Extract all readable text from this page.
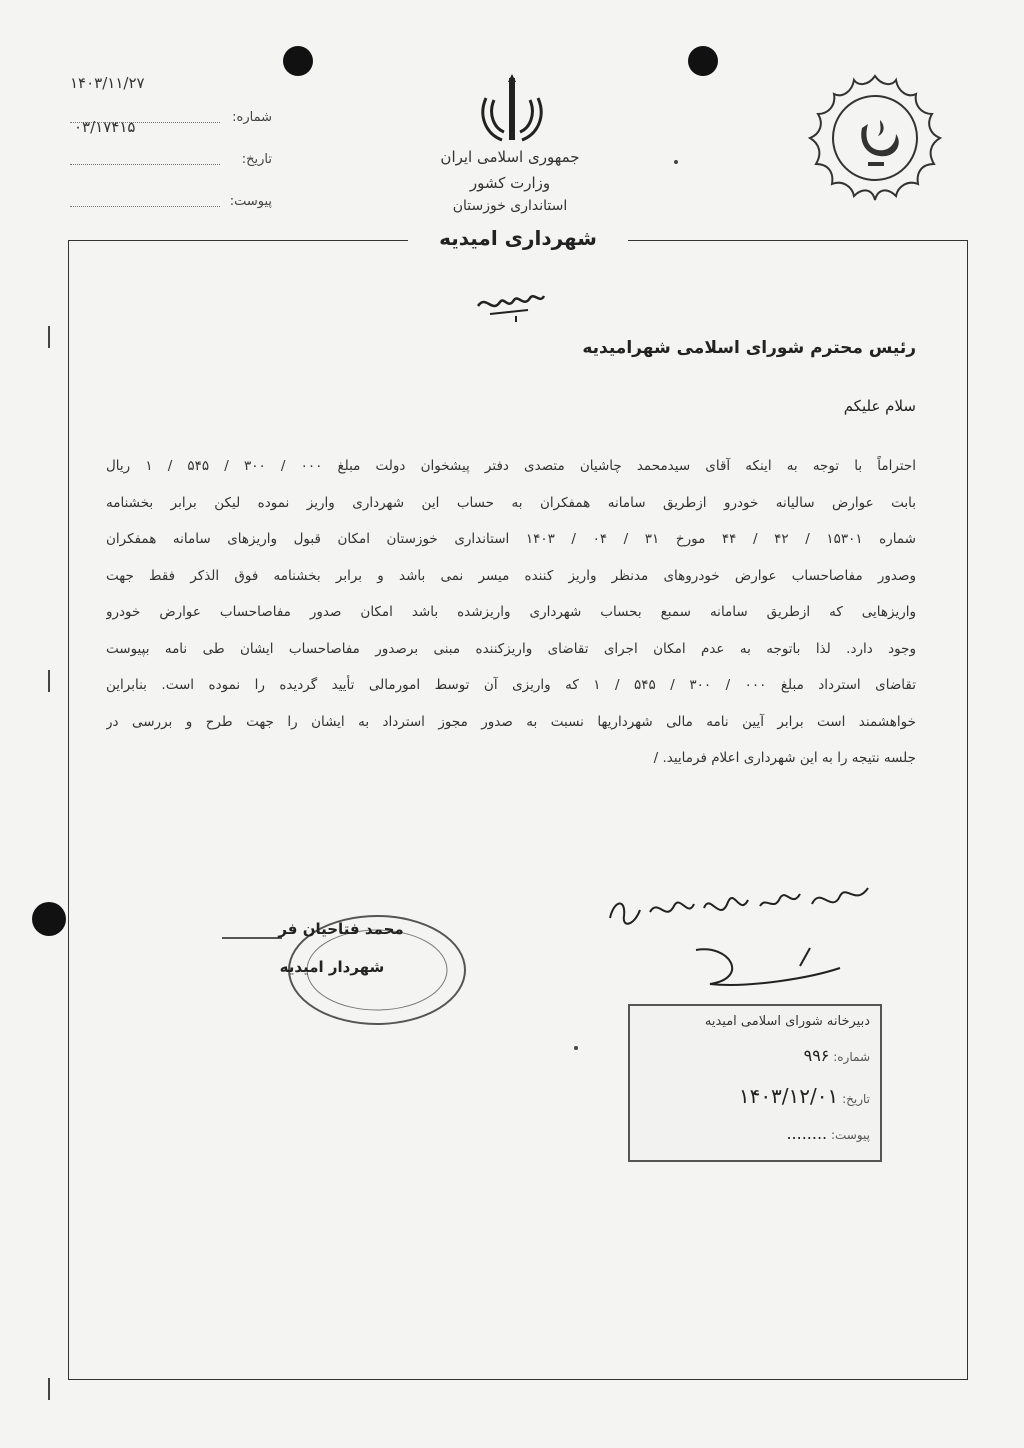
۱۴۰۳/۱۱/۲۷
شماره:
۰۳/۱۷۴۱۵
تاریخ:
پیوست:
جمهوری اسلامی ایران
وزارت کشور
استانداری خوزستان
شهرداری امیدیه
رئیس محترم شورای اسلامی شهرامیدیه
سلام علیکم
احتراماً با توجه به اینکه آقای سیدمحمد چاشیان متصدی دفتر پیشخوان دولت مبلغ ۰۰۰ / ۳۰۰ / ۵۴۵ / ۱ ریال
بابت عوارض سالیانه خودرو ازطریق سامانه همفکران به حساب این شهرداری واریز نموده لیکن برابر بخشنامه
شماره ۱۵۳۰۱ / ۴۲ / ۴۴ مورخ ۳۱ / ۰۴ / ۱۴۰۳ استانداری خوزستان امکان قبول واریزهای سامانه همفکران
وصدور مفاصاحساب عوارض خودروهای مدنظر واریز کننده میسر نمی باشد و برابر بخشنامه فوق الذکر فقط جهت
واریزهایی که ازطریق سامانه سمبع بحساب شهرداری واریزشده باشد امکان صدور مفاصاحساب عوارض خودرو
وجود دارد. لذا باتوجه به عدم امکان اجرای تقاضای واریزکننده مبنی برصدور مفاصاحساب ایشان طی نامه بپیوست
تقاضای استرداد مبلغ ۰۰۰ / ۳۰۰ / ۵۴۵ / ۱ که واریزی آن توسط امورمالی تأیید گردیده را نموده است. بنابراین
خواهشمند است برابر آیین نامه مالی شهرداریها نسبت به صدور مجوز استرداد به ایشان را جهت طرح و بررسی در
جلسه نتیجه را به این شهرداری اعلام فرمایید. /
محمد فتاحیان فر
شهردار امیدیه
دبیرخانه شورای اسلامی امیدیه
شماره: ۹۹۶
تاریخ: ۱۴۰۳/۱۲/۰۱
پیوست: ........
